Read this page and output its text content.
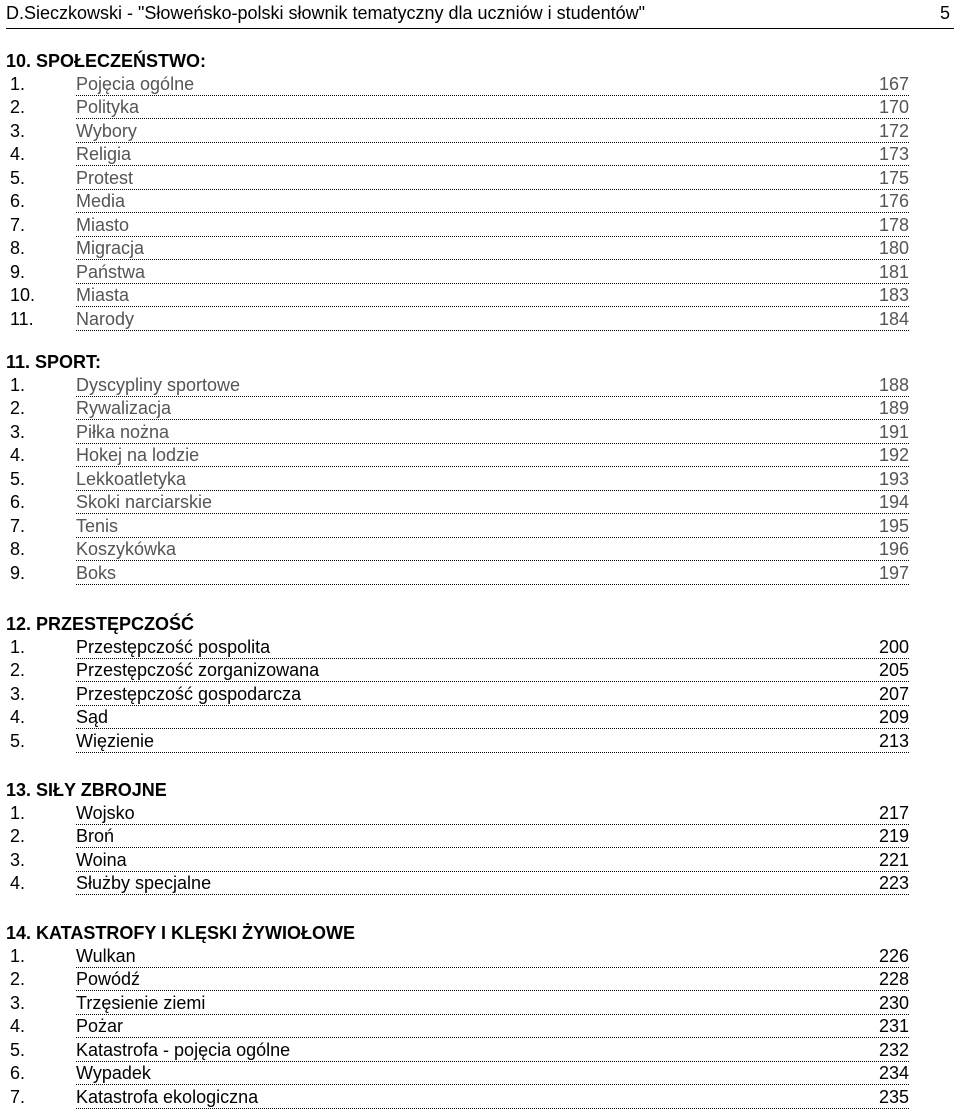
D.Sieczkowski - "Słoweńsko-polski słownik tematyczny dla uczniów i studentów"	5
10. SPOŁECZEŃSTWO:
1.	Pojęcia ogólne	167
2.	Polityka	170
3.	Wybory	172
4.	Religia	173
5.	Protest	175
6.	Media	176
7.	Miasto	178
8.	Migracja	180
9.	Państwa	181
10. Miasta	183
11. Narody	184
11. SPORT:
1.	Dyscypliny sportowe	188
2.	Rywalizacja	189
3.	Piłka nożna	191
4.	Hokej na lodzie	192
5.	Lekkoatletyka	193
6.	Skoki narciarskie	194
7.	Tenis	195
8.	Koszykówka	196
9.	Boks	197
12. PRZESTĘPCZOŚĆ
1.	Przestępczość pospolita	200
2.	Przestępczość zorganizowana	205
3.	Przestępczość gospodarcza	207
4.	Sąd	209
5.	Więzienie	213
13. SIŁY ZBROJNE
1.	Wojsko	217
2.	Broń	219
3.	Woina	221
4.	Służby specjalne	223
14. KATASTROFY I KLĘSKI ŻYWIOŁOWE
1.	Wulkan	226
2.	Powódź	228
3.	Trzęsienie ziemi	230
4.	Pożar	231
5.	Katastrofa - pojęcia ogólne	232
6.	Wypadek	234
7.	Katastrofa ekologiczna	235
